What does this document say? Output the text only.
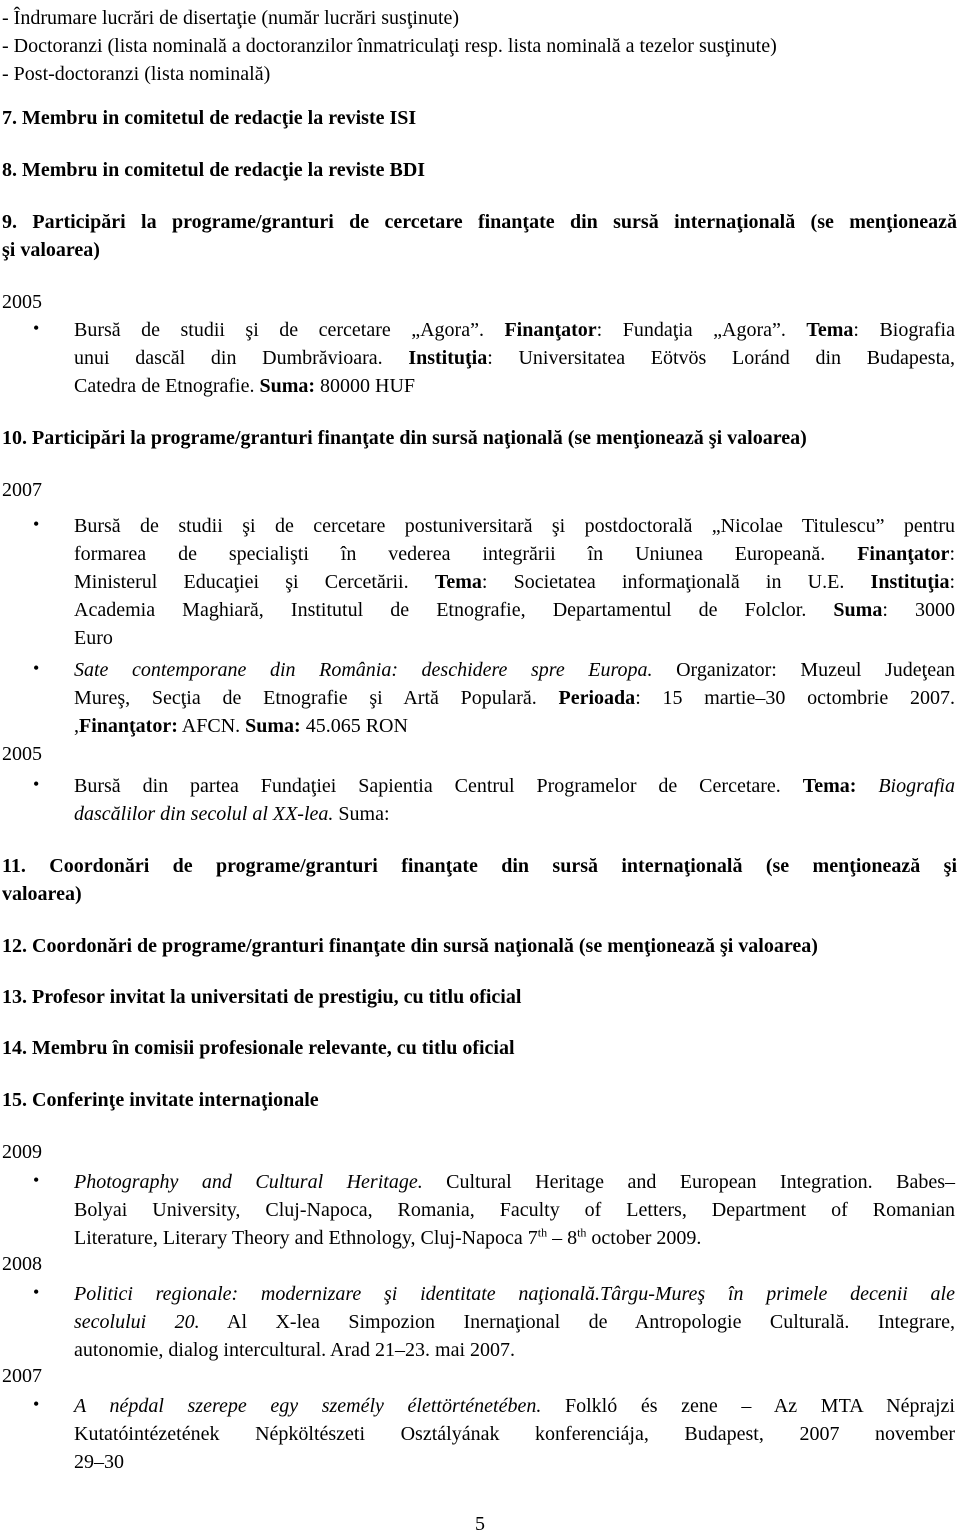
- Îndrumare lucrări de disertaţie (număr lucrări susţinute)
- Doctoranzi (lista nominală a doctoranzilor înmatriculaţi resp. lista nominală a tezelor susţinute)
- Post-doctoranzi (lista nominală)
7. Membru in comitetul de redacţie la reviste ISI
8. Membru in comitetul de redacţie la reviste BDI
9. Participări la programe/granturi de cercetare finanţate din sursă internaţională (se menţionează
şi valoarea)
2005
• Bursă de studii şi de cercetare „Agora”. Finanţator: Fundaţia „Agora”. Tema: Biografia
unui dascăl din Dumbrăvioara. Instituţia: Universitatea Eötvös Loránd din Budapesta,
Catedra de Etnografie. Suma: 80000 HUF
10. Participări la programe/granturi finanţate din sursă naţională (se menţionează şi valoarea)
2007
• Bursă de studii şi de cercetare postuniversitară şi postdoctorală „Nicolae Titulescu” pentru
formarea de specialişti în vederea integrării în Uniunea Europeană. Finanţator:
Ministerul Educaţiei şi Cercetării. Tema: Societatea informaţională in U.E. Instituţia:
Academia Maghiară, Institutul de Etnografie, Departamentul de Folclor. Suma: 3000
Euro
• Sate contemporane din România: deschidere spre Europa. Organizator: Muzeul Judeţean
Mureş, Secţia de Etnografie şi Artă Populară. Perioada: 15 martie–30 octombrie 2007.
,Finanţator: AFCN. Suma: 45.065 RON
2005
• Bursă din partea Fundaţiei Sapientia Centrul Programelor de Cercetare. Tema: Biografia
dascălilor din secolul al XX-lea. Suma:
11. Coordonări de programe/granturi finanţate din sursă internaţională (se menţionează şi
valoarea)
12. Coordonări de programe/granturi finanţate din sursă naţională (se menţionează şi valoarea)
13. Profesor invitat la universitati de prestigiu, cu titlu oficial
14. Membru în comisii profesionale relevante, cu titlu oficial
15. Conferinţe invitate internaţionale
2009
• Photography and Cultural Heritage. Cultural Heritage and European Integration. Babes–
Bolyai University, Cluj-Napoca, Romania, Faculty of Letters, Department of Romanian
Literature, Literary Theory and Ethnology, Cluj-Napoca 7th – 8th october 2009.
2008
• Politici regionale: modernizare şi identitate naţională.Târgu-Mureş în primele decenii ale
secolului 20. Al X-lea Simpozion Inernaţional de Antropologie Culturală. Integrare,
autonomie, dialog intercultural. Arad 21–23. mai 2007.
2007
• A népdal szerepe egy személy élettörténetében. Folkló és zene – Az MTA Néprajzi
Kutatóintézetének Népköltészeti Osztályának konferenciája, Budapest, 2007 november
29–30
5
